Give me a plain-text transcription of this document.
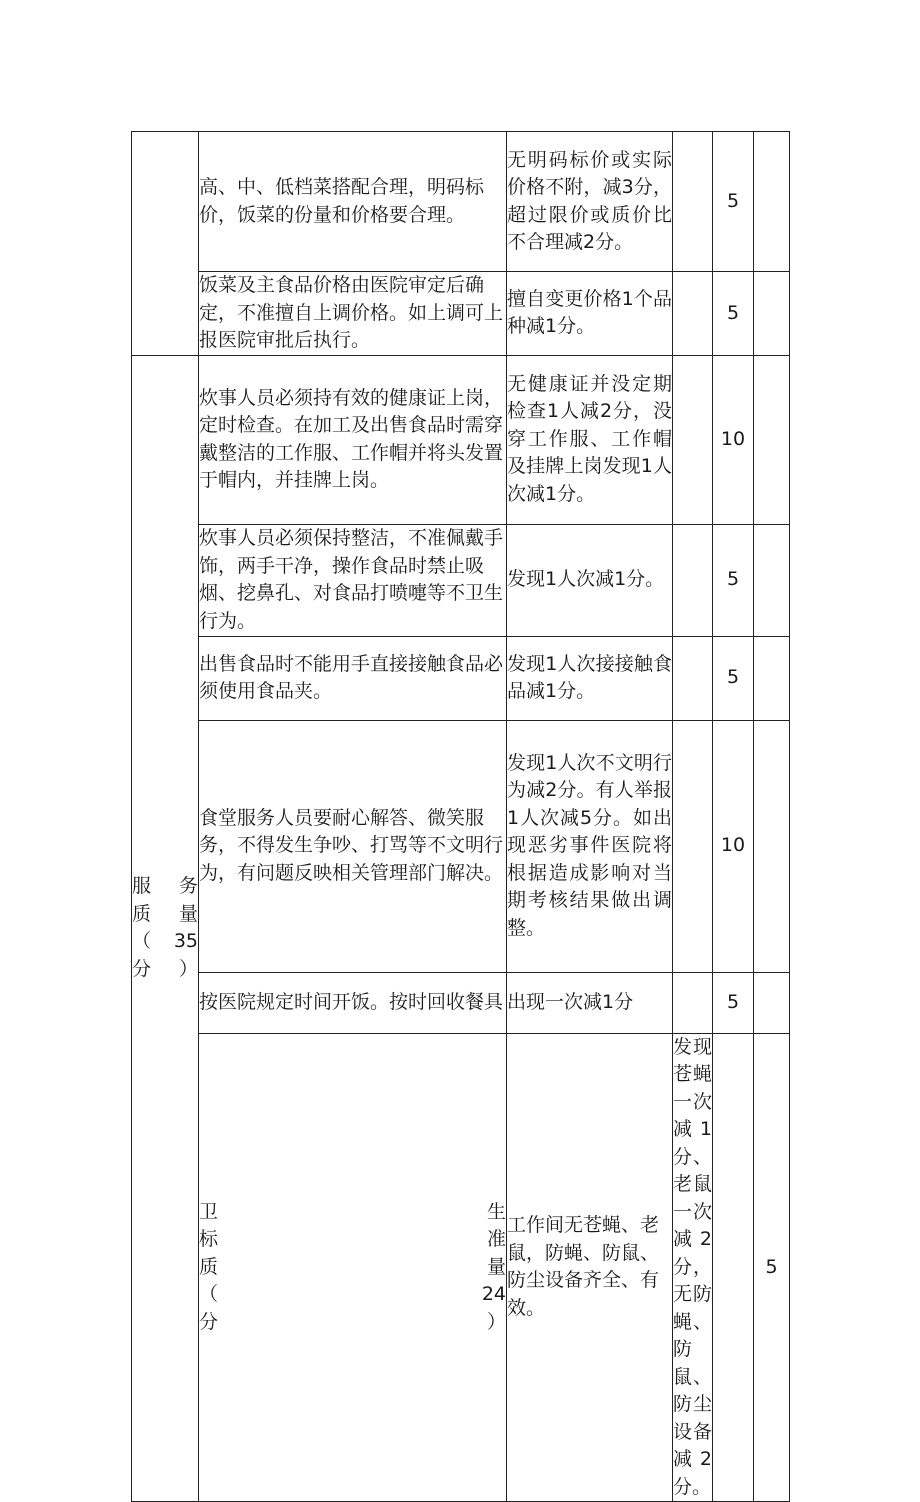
	高、中、低档菜搭配合理，明码标价，饭菜的份量和价格要合理。	无明码标价或实际价格不附，减3分，超过限价或质价比不合理减2分。		5		

	饭菜及主食品价格由医院审定后确定，不准擅自上调价格。如上调可上报医院审批后执行。	擅自变更价格1个品种减1分。		5		

服务
质量
（35
分）	炊事人员必须持有效的健康证上岗，定时检查。在加工及出售食品时需穿戴整洁的工作服、工作帽并将头发置于帽内，并挂牌上岗。	无健康证并没定期检查1人减2分，没穿工作服、工作帽及挂牌上岗发现1人次减1分。		10		

	炊事人员必须保持整洁，不准佩戴手饰，两手干净，操作食品时禁止吸烟、挖鼻孔、对食品打喷嚏等不卫生行为。	发现1人次减1分。		5		

	出售食品时不能用手直接接触食品必须使用食品夹。	发现1人次接接触食品减1分。		5		

	食堂服务人员要耐心解答、微笑服务，不得发生争吵、打骂等不文明行为，有问题反映相关管理部门解决。	发现1人次不文明行为减2分。有人举报1人次减5分。如出现恶劣事件医院将根据造成影响对当期考核结果做出调整。		10		

	按医院规定时间开饭。按时回收餐具	出现一次减1分		5		

	卫生
标准
质量
（24
分）	工作间无苍蝇、老鼠，防蝇、防鼠、防尘设备齐全、有效。	发现苍蝇一次减1分、老鼠一次减2分，无防蝇、防鼠、防尘设备减2分。		5	
